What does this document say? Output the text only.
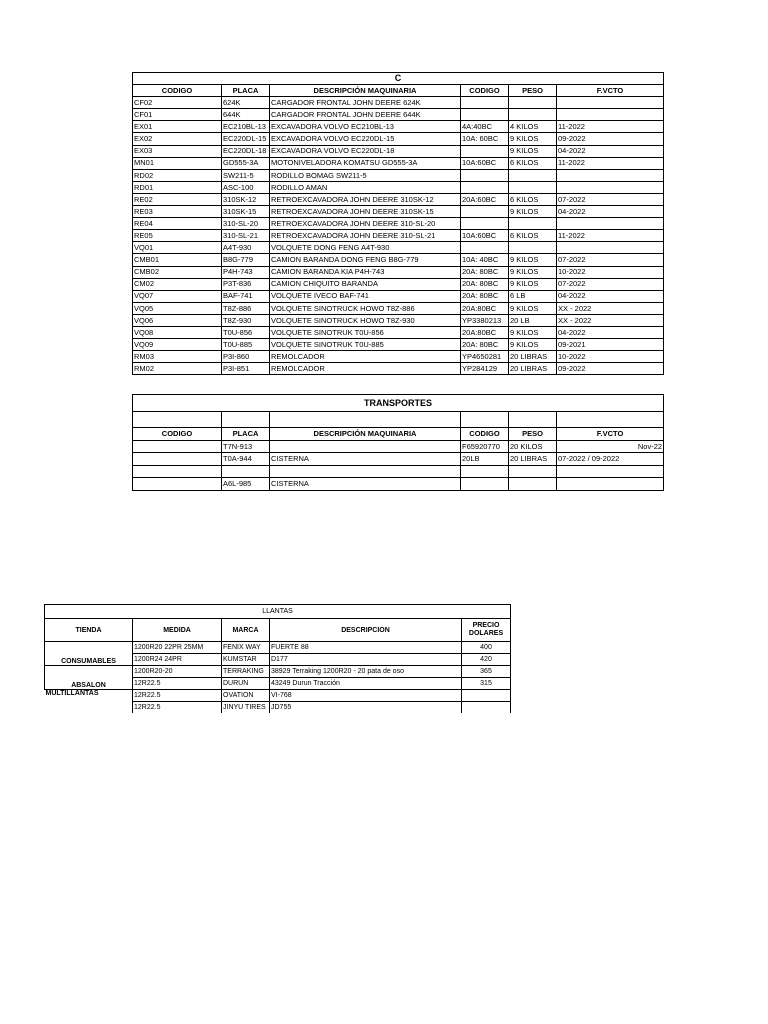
C					
CODIGO	PLACA	DESCRIPCIÓN MAQUINARIA	CODIGO	PESO	F.VCTO
CF02	624K	CARGADOR FRONTAL JOHN DEERE 624K			
CF01	644K	CARGADOR FRONTAL JOHN DEERE 644K			
EX01	EC210BL-13	EXCAVADORA VOLVO EC210BL-13	4A:40BC	4 KILOS	11-2022
EX02	EC220DL-15	EXCAVADORA VOLVO EC220DL-15	10A: 60BC	9 KILOS	09-2022
EX03	EC220DL-18	EXCAVADORA VOLVO EC220DL-18		9 KILOS	04-2022
MN01	GD555-3A	MOTONIVELADORA KOMATSU GD555-3A	10A:60BC	6 KILOS	11-2022
RD02	SW211-5	RODILLO BOMAG SW211-5			
RD01	ASC-100	RODILLO AMAN			
RE02	310SK-12	RETROEXCAVADORA JOHN DEERE 310SK-12	20A:60BC	6 KILOS	07-2022
RE03	310SK-15	RETROEXCAVADORA JOHN DEERE 310SK-15		9 KILOS	04-2022
RE04	310-SL-20	RETROEXCAVADORA JOHN DEERE 310-SL-20			
RE05	310-SL-21	RETROEXCAVADORA JOHN DEERE 310-SL-21	10A:60BC	6 KILOS	11-2022
VQ01	A4T-930	VOLQUETE DONG FENG A4T-930			
CMB01	B8G-779	CAMION BARANDA DONG FENG B8G-779	10A: 40BC	9 KILOS	07-2022
CMB02	P4H-743	CAMION BARANDA KIA P4H-743	20A: 80BC	9 KILOS	10-2022
CM02	P3T-836	CAMION CHIQUITO BARANDA	20A: 80BC	9 KILOS	07-2022
VQ07	BAF-741	VOLQUETE IVECO BAF-741	20A: 80BC	6 LB	04-2022
VQ05	T8Z-886	VOLQUETE SINOTRUCK HOWO T8Z-886	20A:80BC	9 KILOS	XX - 2022
VQ06	T8Z-930	VOLQUETE SINOTRUCK HOWO T8Z-930	YP3380213	20 LB	XX - 2022
VQ08	T0U-856	VOLQUETE SINOTRUK T0U-856	20A:80BC	9 KILOS	04-2022
VQ09	T0U-885	VOLQUETE SINOTRUK T0U-885	20A: 80BC	9 KILOS	09-2021
RM03	P3I-860	REMOLCADOR	YP4650281	20 LIBRAS	10-2022
RM02	P3I-851	REMOLCADOR	YP284129	20 LIBRAS	09-2022
TRANSPORTES					

CODIGO	PLACA	DESCRIPCIÓN MAQUINARIA	CODIGO	PESO	F.VCTO
	T7N-913		F65920770	20 KILOS	Nov-22
	T0A-944	CISTERNA	20LB	20 LIBRAS	07-2022 / 09-2022

	A6L-985	CISTERNA			
LLANTAS				
TIENDA	MEDIDA	MARCA	DESCRIPCION	PRECIO DOLARES
CONSUMABLES	1200R20 22PR 25MM	FENIX WAY	FUERTE 88	400
	1200R24 24PR	KUMSTAR	D177	420
ABSALON	1200R20-20	TERRAKING	38929 Terraking 1200R20 - 20 pata de oso	365
	12R22.5	DURUN	43249 Durun Tracción	315
MULTILLANTAS	12R22.5	OVATION	VI-768	
	12R22.5	JINYU TIRES	JD755	
